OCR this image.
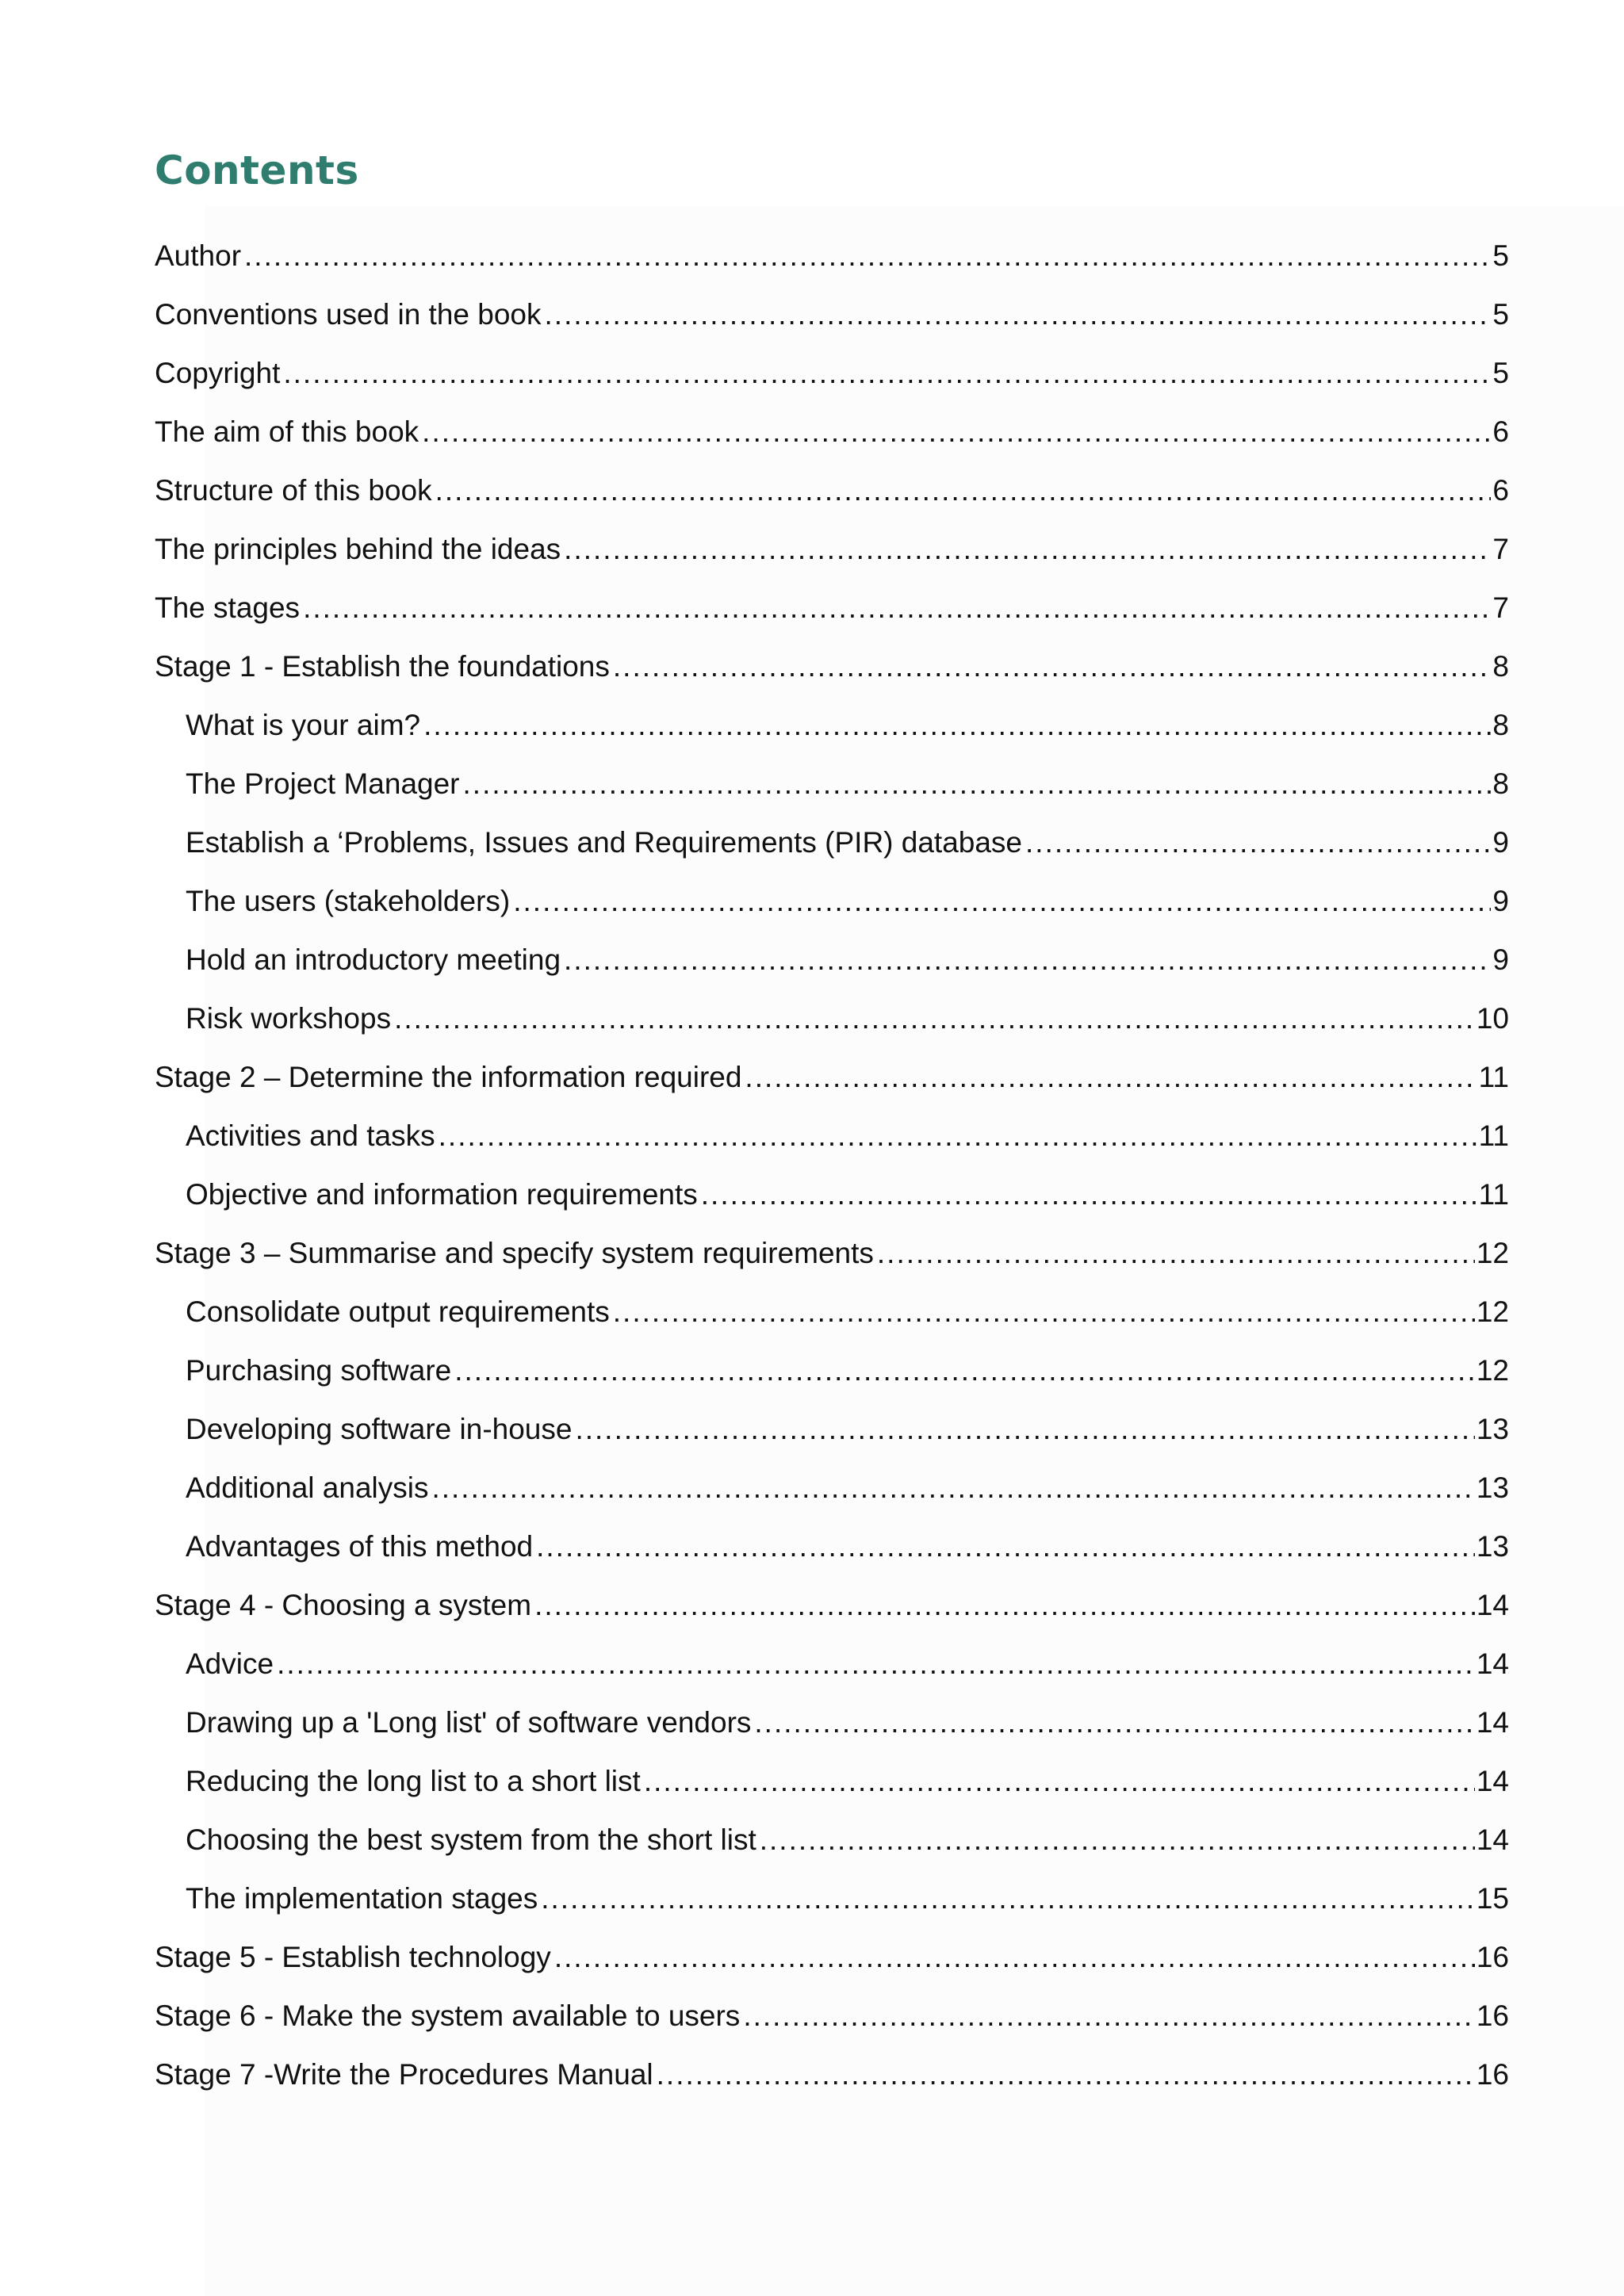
Contents
Author .....	5
Conventions used in the book .....	5
Copyright .....	5
The aim of this book .....	6
Structure of this book .....	6
The principles behind the ideas .....	7
The stages .....	7
Stage 1 - Establish the foundations .....	8
What is your aim? .....	8
The Project Manager .....	8
Establish a ‘Problems, Issues and Requirements (PIR) database .....	9
The users (stakeholders) .....	9
Hold an introductory meeting .....	9
Risk workshops .....	10
Stage 2 – Determine the information required .....	11
Activities and tasks .....	11
Objective and information requirements .....	11
Stage 3 – Summarise and specify system requirements .....	12
Consolidate output requirements .....	12
Purchasing software .....	12
Developing software in-house .....	13
Additional analysis .....	13
Advantages of this method .....	13
Stage 4 - Choosing a system .....	14
Advice .....	14
Drawing up a 'Long list' of software vendors .....	14
Reducing the long list to a short list .....	14
Choosing the best system from the short list .....	14
The implementation stages .....	15
Stage 5 - Establish technology .....	16
Stage 6 - Make the system available to users .....	16
Stage 7 -Write the Procedures Manual .....	16
